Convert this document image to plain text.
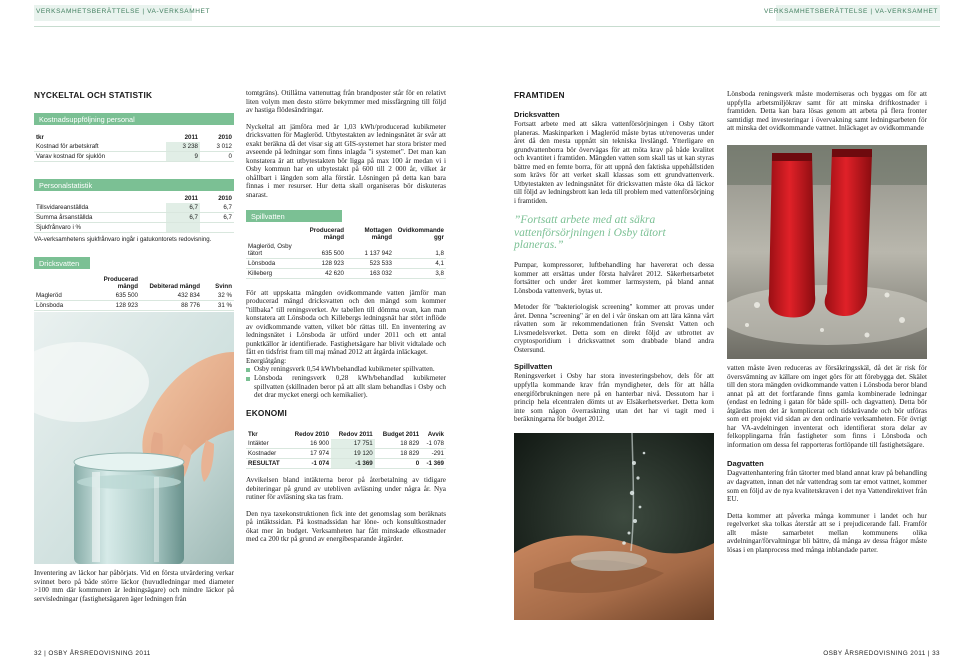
VERKSAMHETSBERÄTTELSE | VA-VERKSAMHET	VERKSAMHETSBERÄTTELSE | VA-VERKSAMHET
NYCKELTAL OCH STATISTIK
Kostnadsuppföljning personal
tkr	2011	2010
Kostnad för arbetskraft	3 238	3 012
Varav kostnad för sjuklön	9	0
Personalstatistik
	2011	2010
Tillsvidareanställda	6,7	6,7
Summa årsanställda	6,7	6,7
Sjukfrånvaro i %		
VA-verksamhetens sjukfrånvaro ingår i gatukontorets redovisning.
Dricksvatten
	Producerad mängd	Debiterad mängd	Svinn
Magleröd	635 500	432 834	32 %
Lönsboda	128 923	88 776	31 %

Inventering av läckor har påbörjats. Vid en första utvärdering verkar svinnet bero på både större läckor (huvudledningar med diameter >100 mm där kommunen är ledningsägare) och mindre läckor på servisledningar (fastighetsägaren äger ledningen från

tomtgräns). Otillåtna vattenuttag från brandposter står för en relativt liten volym men desto större bekymmer med missfärgning till följd av hastiga flödesändringar.

Nyckeltal att jämföra med är 1,03 kWh/producerad kubikmeter dricksvatten för Magleröd. Utbytestakten av ledningsnätet är svår att exakt beräkna då det visar sig att GIS-systemet har stora brister med avseende på ledningar som finns inlagda "i systemet". Det man kan konstatera är att utbytestakten bör ligga på max 100 år medan vi i Osby kommun har en utbytestakt på 600 till 2 000 år, vilket är ohållbart i längden som alla förstår. Lösningen på detta kan bara finnas i mer resurser. Hur detta skall organiseras bör diskuteras snarast.

Spillvatten
	Producerad mängd	Mottagen mängd	Ovidkommande ggr
Magleröd, Osby tätort	635 500	1 137 942	1,8
Lönsboda	128 923	523 533	4,1
Killeberg	42 620	163 032	3,8

För att uppskatta mängden ovidkommande vatten jämför man producerad mängd dricksvatten och den mängd som kommer "tillbaka" till reningsverket. Av tabellen till dömma ovan, kan man konstatera att Lönsboda och Killebergs ledningsnät har stört inflöde av ovidkommande vatten, vilket bör rättas till. En inventering av ledningsnätet i Lönsboda är utförd under 2011 och ett antal punktkällor är identifierade. Fastighetsägare har blivit vidtalade och fått en tidsfrist fram till maj månad 2012 att åtgärda inläckaget.

Energiåtgång:

Osby reningsverk 0,54 kWh/behandlad kubikmeter spillvatten.

Lönsboda reningsverk 0,28 kWh/behandlad kubikmeter spillvatten (skillnaden beror på att allt slam behandlas i Osby och det drar mycket energi och kemikalier).

EKONOMI
Tkr	Redov 2010	Redov 2011	Budget 2011	Avvik
Intäkter	16 900	17 751	18 829	-1 078
Kostnader	17 974	19 120	18 829	-291
RESULTAT	-1 074	-1 369	0	-1 369

Avvikelsen bland intäkterna beror på återbetalning av tidigare debiteringar på grund av utebliven avläsning under några år. Nya rutiner för avläsning ska tas fram.

Den nya taxekonstruktionen fick inte det genomslag som beräknats på intäktssidan. På kostnadssidan har löne- och konsultkostnader ökat mer än budget. Verksamheten har fått minskade elkostnader med ca 200 tkr på grund av energibesparande åtgärder.

FRAMTIDEN
Dricksvatten

Fortsatt arbete med att säkra vattenförsörjningen i Osby tätort planeras. Maskinparken i Magleröd måste bytas ut/renoveras under året då den mesta uppnått sin tekniska livslängd. Ytterligare en grundvattenborra bör övervägas för att möta krav på både kvalitet och kvantitet i framtiden. Mängden vatten som skall tas ut kan styras bättre med en femte borra, för att uppnå den faktiska uppehållstiden som krävs för att verket skall klassas som ett grundvattenverk. Utbytestakten av ledningsnätet för dricksvatten måste öka då läckor till följd av ledningsbrott kan leda till problem med vattenförsörjning i framtiden.

”Fortsatt arbete med att säkra vattenförsörjningen i Osby tätort planeras.”

Pumpar, kompressorer, luftbehandling har havererat och dessa kommer att ersättas under första halvåret 2012. Säkerhetsarbetet fortsätter och under året kommer larmsystem, på bland annat Lönsboda vattenverk, bytas ut.

Metoder för "bakteriologisk screening" kommer att provas under året. Denna "screening" är en del i vår önskan om att lära känna vårt råvatten som är rekommendationen från Svenskt Vatten och Livsmedelsverket. Detta som en direkt följd av utbrottet av cryptosporidium i dricksvattnet som drabbade bland andra Östersund.

Spillvatten

Reningsverket i Osby har stora investeringsbehov, dels för att uppfylla kommande krav från myndigheter, dels för att hålla energiförbrukningen nere på en hanterbar nivå. Dessutom har i princip hela elcentralen dömts ut av Elsäkerhetsverket. Detta kom inte som någon överraskning utan det har vi tagit med i beräkningarna för budget 2012.

Lönsboda reningsverk måste moderniseras och byggas om för att uppfylla arbetsmiljökrav samt för att minska driftkostnader i framtiden. Detta kan bara lösas genom att arbeta på flera fronter samtidigt med investeringar i övervakning samt ledningsarbeten för att minska det ovidkommande vattnet. Inläckaget av ovidkommande

vatten måste även reduceras av försäkringsskäl, då det är risk för översvämning av källare om inget görs för att förebygga det. Skälet till den stora mängden ovidkommande vatten i Lönsboda beror bland annat på att det fortfarande finns gamla kombinerade ledningar (endast en ledning i gatan för både spill- och dagvatten). Detta bör åtgärdas men det är komplicerat och tidskrävande och bör utföras som ett projekt vid sidan av den ordinarie verksamheten. För övrigt har VA-avdelningen inventerat och identifierat stora delar av felkopplingarna från fastigheter som finns i Lönsboda och information om dessa fel rapporteras fortlöpande till fastighetsägare.

Dagvatten

Dagvattenhantering från tätorter med bland annat krav på behandling av dagvatten, innan det når vattendrag som tar emot vattnet, kommer som en följd av de nya kvalitetskraven i det nya Vattendirektivet från EU.

Detta kommer att påverka många kommuner i landet och hur regelverket ska tolkas återstår att se i prejudicerande fall. Framför allt måste samarbetet mellan kommunens olika avdelningar/förvaltningar bli bättre, då många av dessa frågor måste lösas i en planprocess med många inblandade parter.

32 | OSBY ÅRSREDOVISNING 2011	OSBY ÅRSREDOVISNING 2011 | 33
